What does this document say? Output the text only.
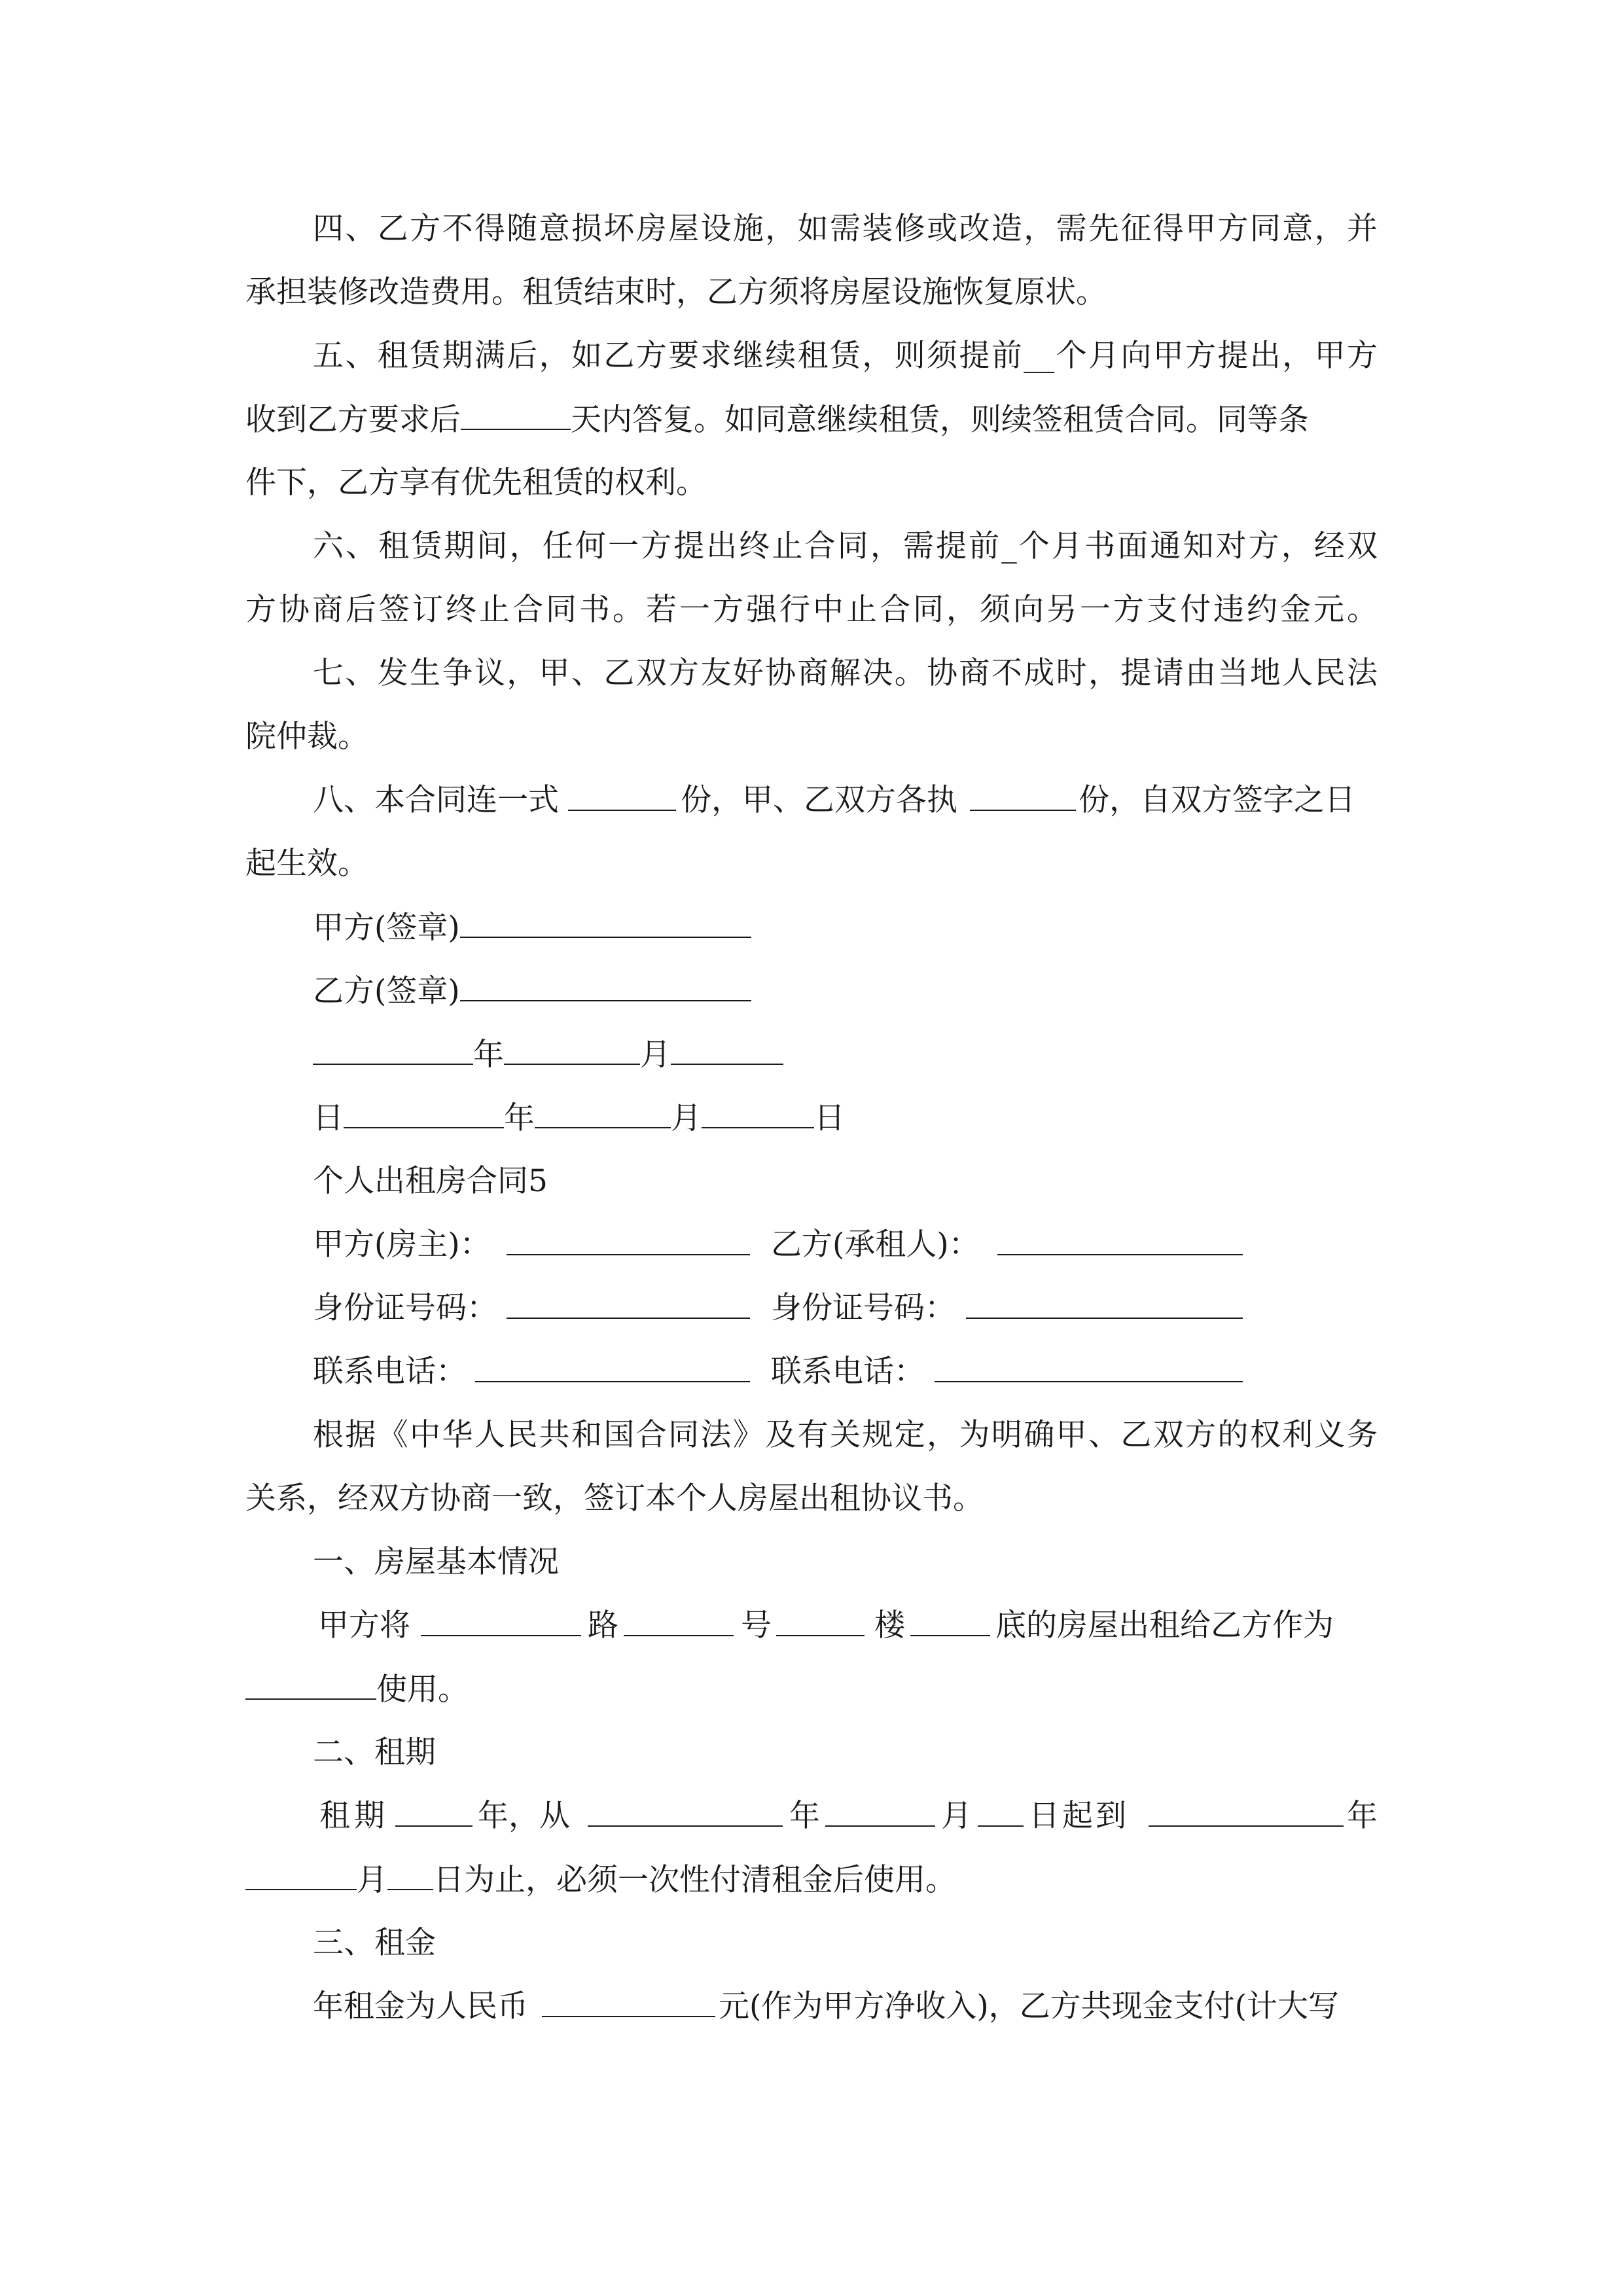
四、乙方不得随意损坏房屋设施，如需装修或改造，需先征得甲方同意，并
承担装修改造费用。租赁结束时，乙方须将房屋设施恢复原状。
五、租赁期满后，如乙方要求继续租赁，则须提前__个月向甲方提出，甲方
收到乙方要求后	天内答复。如同意继续租赁，则续签租赁合同。同等条
件下，乙方享有优先租赁的权利。
六、租赁期间，任何一方提出终止合同，需提前_个月书面通知对方，经双
方协商后签订终止合同书。若一方强行中止合同，须向另一方支付违约金元。
七、发生争议，甲、乙双方友好协商解决。协商不成时，提请由当地人民法
院仲裁。
八、本合同连一式	份，甲、乙双方各执	份，自双方签字之日
起生效。
甲方(签章)
乙方(签章)
年	月
日	年	月	日
个人出租房合同5
甲方(房主)：	乙方(承租人)：
身份证号码：	身份证号码：
联系电话：	联系电话：
根据《中华人民共和国合同法》及有关规定，为明确甲、乙双方的权利义务
关系，经双方协商一致，签订本个人房屋出租协议书。
一、房屋基本情况
甲方将	路	号	楼	底的房屋出租给乙方作为
使用。
二、租期
租期	年，从	年	月 日起到	年
月 日为止，必须一次性付清租金后使用。
三、租金
年租金为人民币	元(作为甲方净收入)，乙方共现金支付(计大写
